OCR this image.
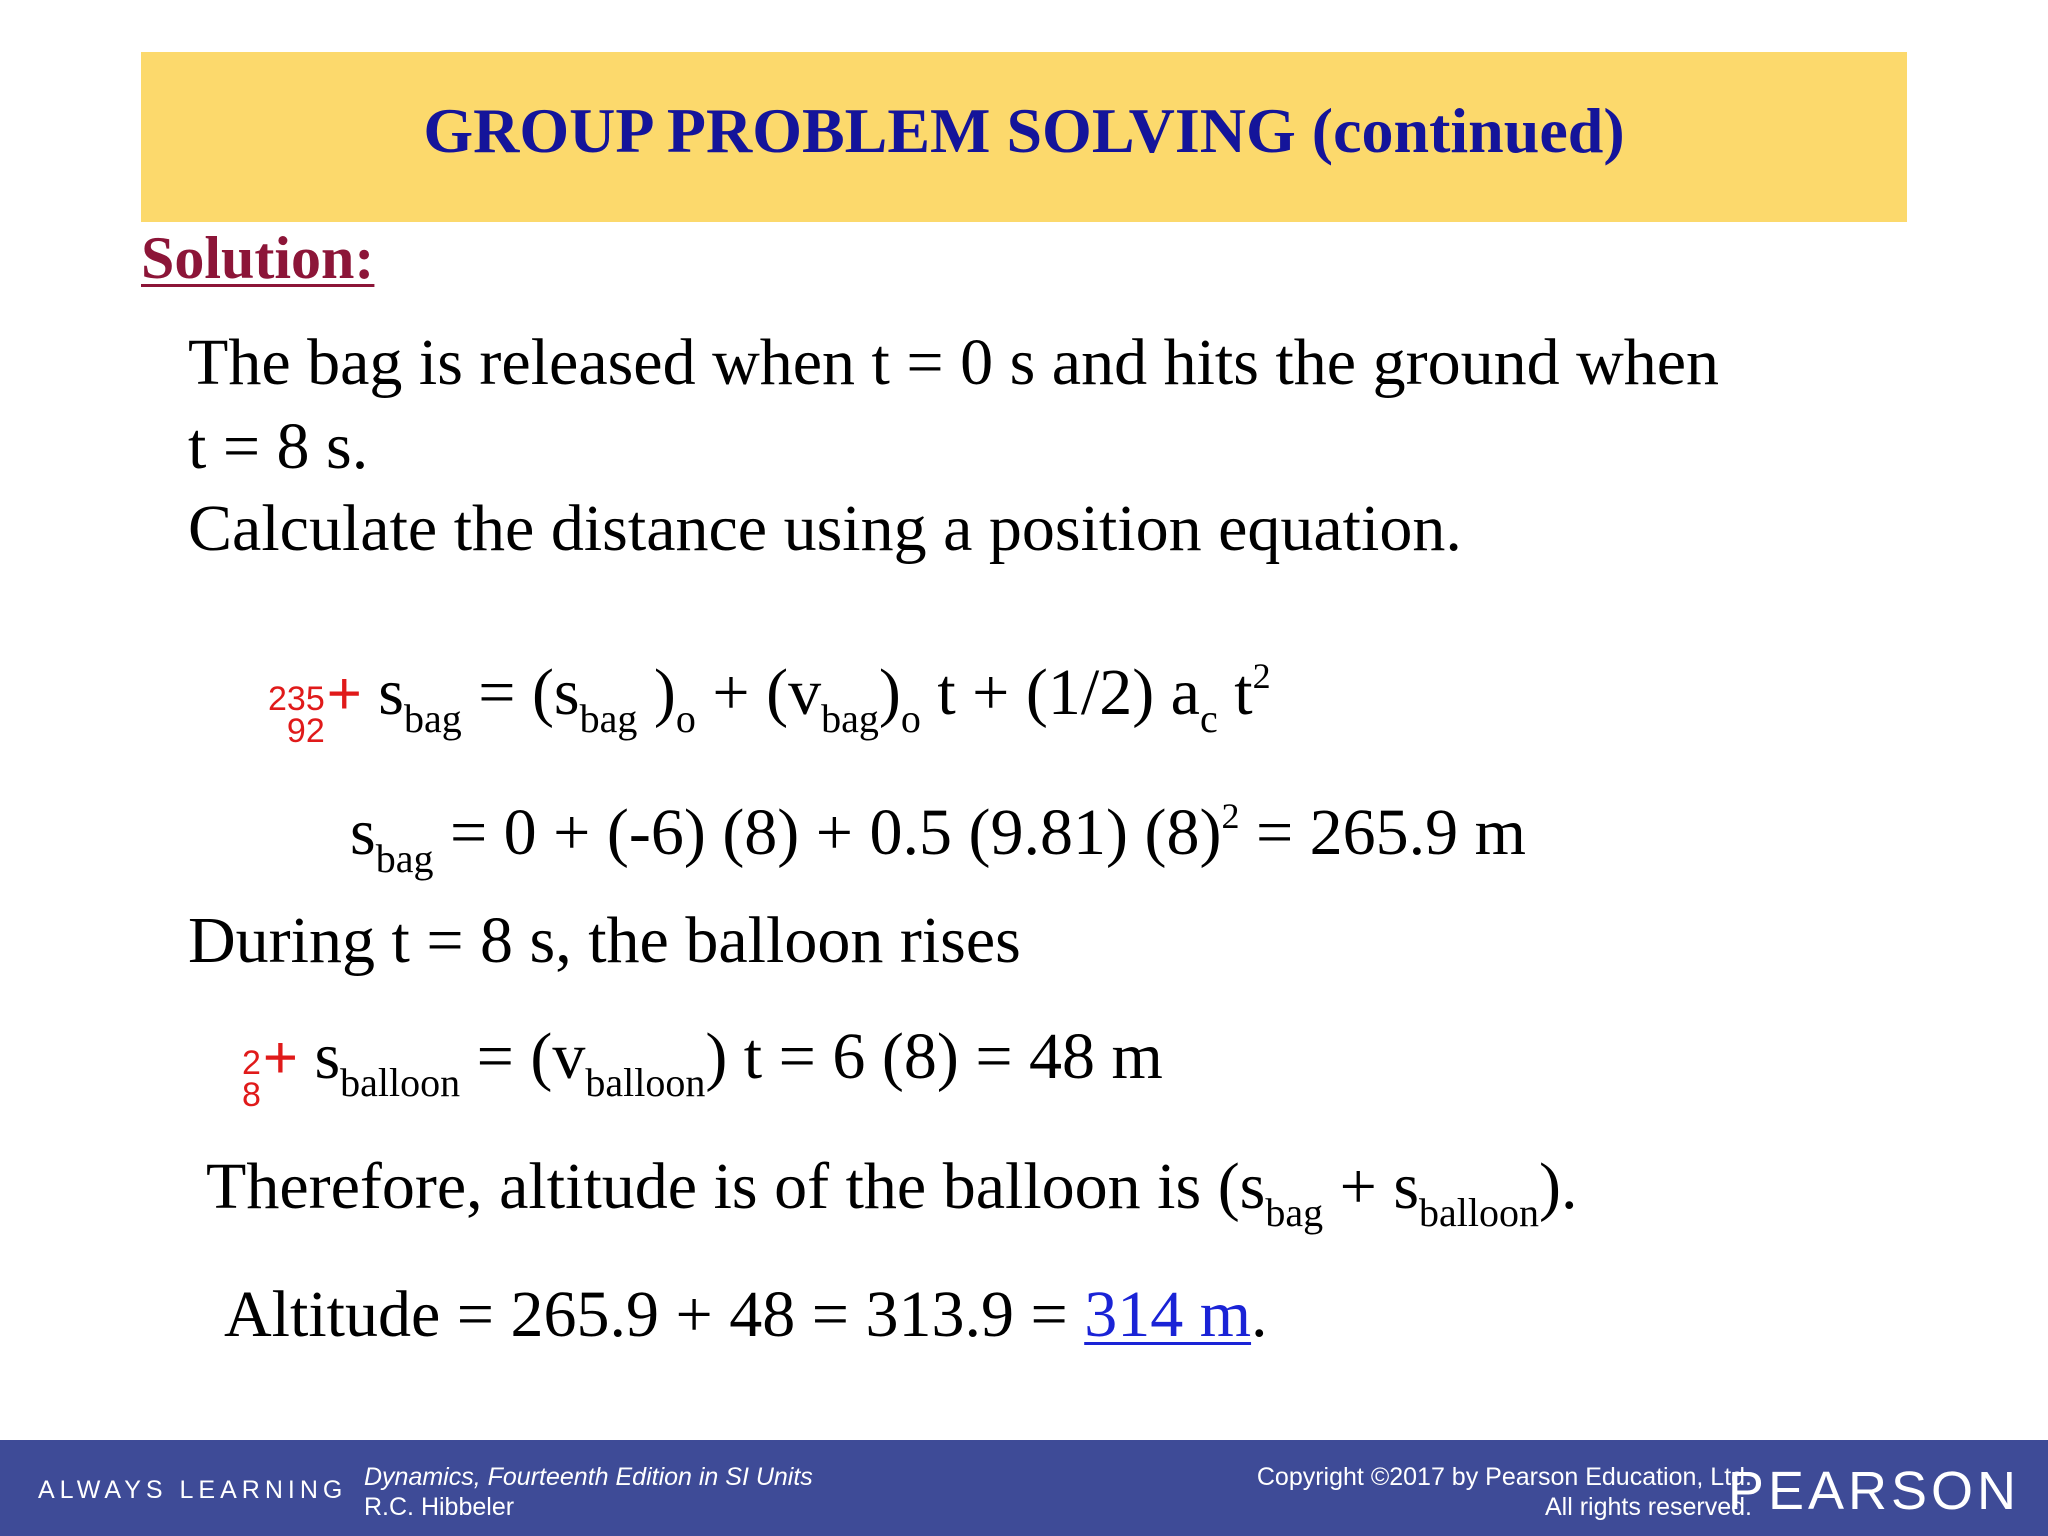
GROUP PROBLEM SOLVING (continued)
Solution:
The bag is released when t = 0 s and hits the ground when
t = 8 s.
Calculate the distance using a position equation.
235
92
+ $s_{bag} = (s_{bag}$ )$_o + (v_{bag})_o$ t + (1/2) $a_c$ $t^2$
$s_{bag} = 0 + (-6) (8) + 0.5$ (9.81) $(8)^2 = 265.9$ m
During t = 8 s, the balloon rises
2
8
+ $s_{balloon} = (v_{balloon}) t = 6$ (8) = 48 m
Therefore, altitude is of the balloon is $(s_{bag} + s_{balloon})$.
Altitude = 265.9 + 48 = 313.9 = 314 m.
ALWAYS LEARNING Dynamics, Fourteenth Edition in SI Units
R.C. Hibbeler
Copyright ©2017 by Pearson Education, Ltd.
All rights reserved.
PEARSON
